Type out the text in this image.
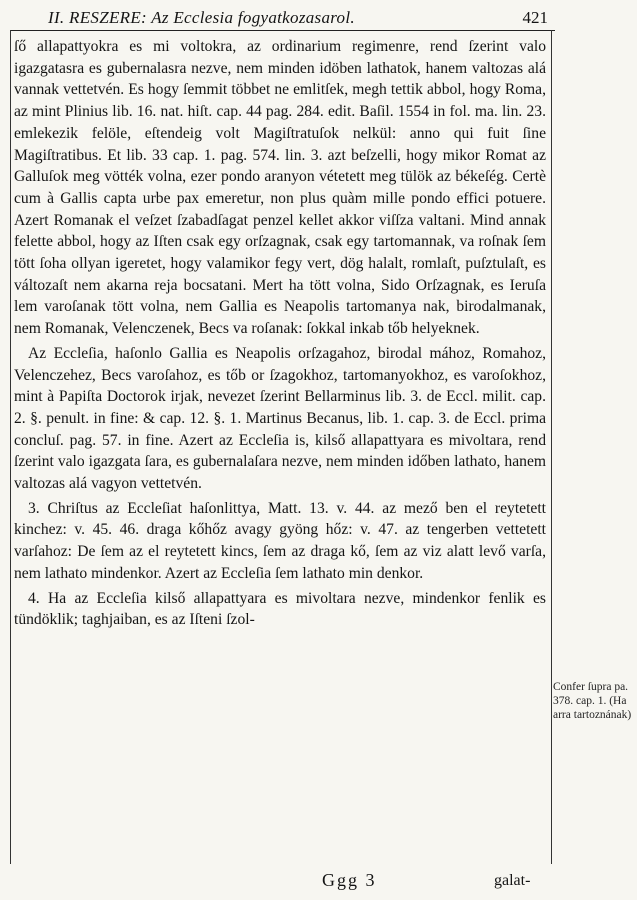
II. RESZERE: Az Ecclesia fogyatkozasarol.	421

ſő allapattyokra es mi voltokra, az ordinarium regimenre, rend ſzerint valo igazgatasra es gubernalasra nezve, nem minden idöben lathatok, hanem valtozas alá vannak vettetvén. Es hogy ſemmit többet ne emlitſek, megh tettik abbol, hogy Roma, az mint Plinius lib. 16. nat. hiſt. cap. 44 pag. 284. edit. Baſil. 1554 in fol. ma. lin. 23. emlekezik felöle, eſtendeig volt Magiſtratuſok nelkül: anno qui fuit ſine Magiſtratibus. Et lib. 33 cap. 1. pag. 574. lin. 3. azt beſzelli, hogy mikor Romat az Galluſok meg vötték volna, ezer pondo aranyon vétetett meg tülök az békeſég. Certè cum à Gallis capta urbe pax emeretur, non plus quàm mille pondo effici potuere. Azert Romanak el veſzet ſzabadſagat penzel kellet akkor viſſza valtani. Mind annak felette abbol, hogy az Iſten csak egy orſzagnak, csak egy tartomannak, va roſnak ſem tött ſoha ollyan igeretet, hogy valamikor fegy vert, dög halalt, romlaſt, puſztulaſt, es változaſt nem akarna reja bocsatani. Mert ha tött volna, Sido Orſzagnak, es Ieruſa lem varoſanak tött volna, nem Gallia es Neapolis tartomanya nak, birodalmanak, nem Romanak, Velenczenek, Becs va roſanak: ſokkal inkab tőb helyeknek.

Az Eccleſia, haſonlo Gallia es Neapolis orſzagahoz, birodal mához, Romahoz, Velenczehez, Becs varoſahoz, es tőb or ſzagokhoz, tartomanyokhoz, es varoſokhoz, mint à Papiſta Doctorok irjak, nevezet ſzerint Bellarminus lib. 3. de Eccl. milit. cap. 2. §. penult. in fine: & cap. 12. §. 1. Martinus Becanus, lib. 1. cap. 3. de Eccl. prima concluſ. pag. 57. in fine. Azert az Eccleſia is, kilső allapattyara es mivoltara, rend ſzerint valo igazgata ſara, es gubernalaſara nezve, nem minden időben lathato, hanem valtozas alá vagyon vettetvén.

3. Chriſtus az Eccleſiat haſonlittya, Matt. 13. v. 44. az mező ben el reytetett kinchez: v. 45. 46. draga kőhőz avagy gyöng hőz: v. 47. az tengerben vettetett varſahoz: De ſem az el reytetett kincs, ſem az draga kő, ſem az viz alatt levő varſa, nem lathato mindenkor. Azert az Eccleſia ſem lathato min denkor.

4. Ha az Eccleſia kilső allapattyara es mivoltara nezve, mindenkor fenlik es tündöklik; taghjaiban, es az Iſteni ſzol-

Confer ſupra pa. 378. cap. 1. (Ha arra tartoznának)
Ggg 3	galat-
